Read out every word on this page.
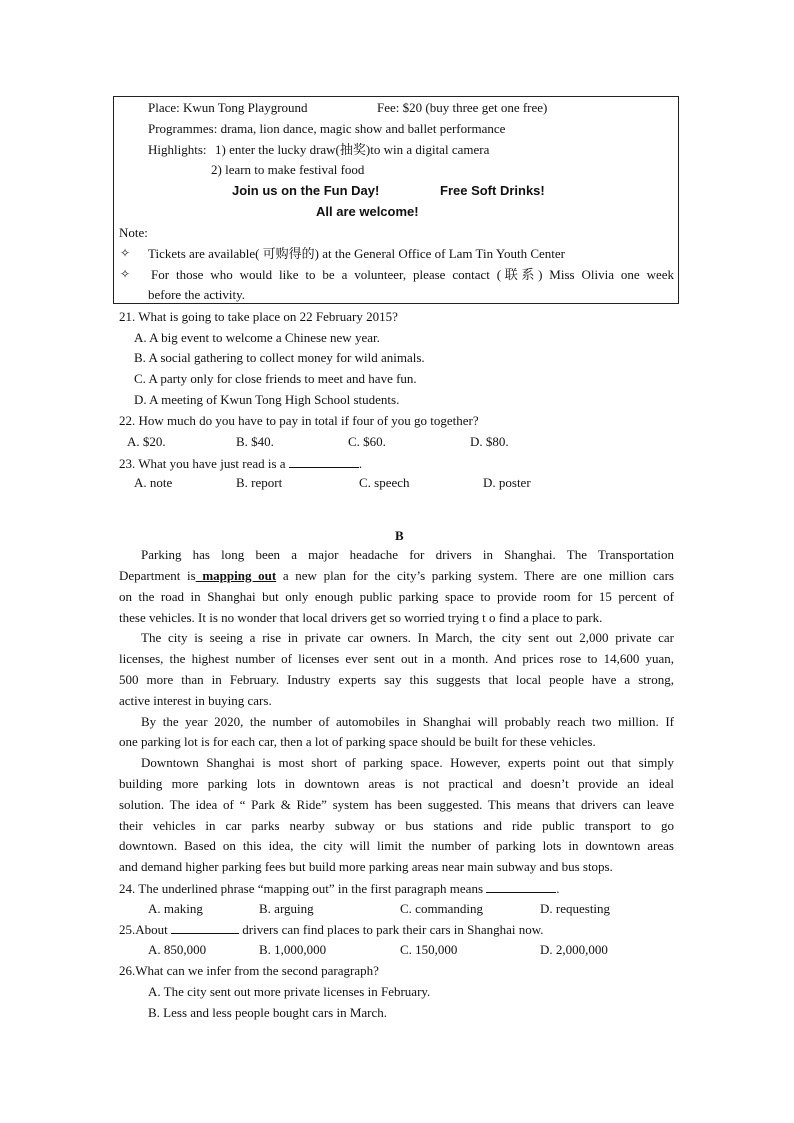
Place: Kwun Tong Playground	Fee: $20 (buy three get one free)
Programmes: drama, lion dance, magic show and ballet performance
Highlights: 1) enter the lucky draw(抽奖)to win a digital camera
2) learn to make festival food
Join us on the Fun Day!	Free Soft Drinks!
All are welcome!
Note:
✧ Tickets are available( 可购得的) at the General Office of Lam Tin Youth Center
✧ For those who would like to be a volunteer, please contact (联系) Miss Olivia one week
before the activity.
21. What is going to take place on 22 February 2015?
A. A big event to welcome a Chinese new year.
B. A social gathering to collect money for wild animals.
C. A party only for close friends to meet and have fun.
D. A meeting of Kwun Tong High School students.
22. How much do you have to pay in total if four of you go together?
A. $20.	B. $40.	C. $60.	D. $80.
23. What you have just read is a	.
A. note	B. report	C. speech	D. poster
B
Parking has long been a major headache for drivers in Shanghai. The Transportation
Department is mapping out a new plan for the city’s parking system. There are one million cars
on the road in Shanghai but only enough public parking space to provide room for 15 percent of
these vehicles. It is no wonder that local drivers get so worried trying t o find a place to park.
The city is seeing a rise in private car owners. In March, the city sent out 2,000 private car
licenses, the highest number of licenses ever sent out in a month. And prices rose to 14,600 yuan,
500 more than in February. Industry experts say this suggests that local people have a strong,
active interest in buying cars.
By the year 2020, the number of automobiles in Shanghai will probably reach two million. If
one parking lot is for each car, then a lot of parking space should be built for these vehicles.
Downtown Shanghai is most short of parking space. However, experts point out that simply
building more parking lots in downtown areas is not practical and doesn’t provide an ideal
solution. The idea of “ Park & Ride” system has been suggested. This means that drivers can leave
their vehicles in car parks nearby subway or bus stations and ride public transport to go
downtown. Based on this idea, the city will limit the number of parking lots in downtown areas
and demand higher parking fees but build more parking areas near main subway and bus stops.
24. The underlined phrase “mapping out” in the first paragraph means	.
A. making	B. arguing	C. commanding	D. requesting
25.About	drivers can find places to park their cars in Shanghai now.
A. 850,000	B. 1,000,000	C. 150,000	D. 2,000,000
26.What can we infer from the second paragraph?
A. The city sent out more private licenses in February.
B. Less and less people bought cars in March.
